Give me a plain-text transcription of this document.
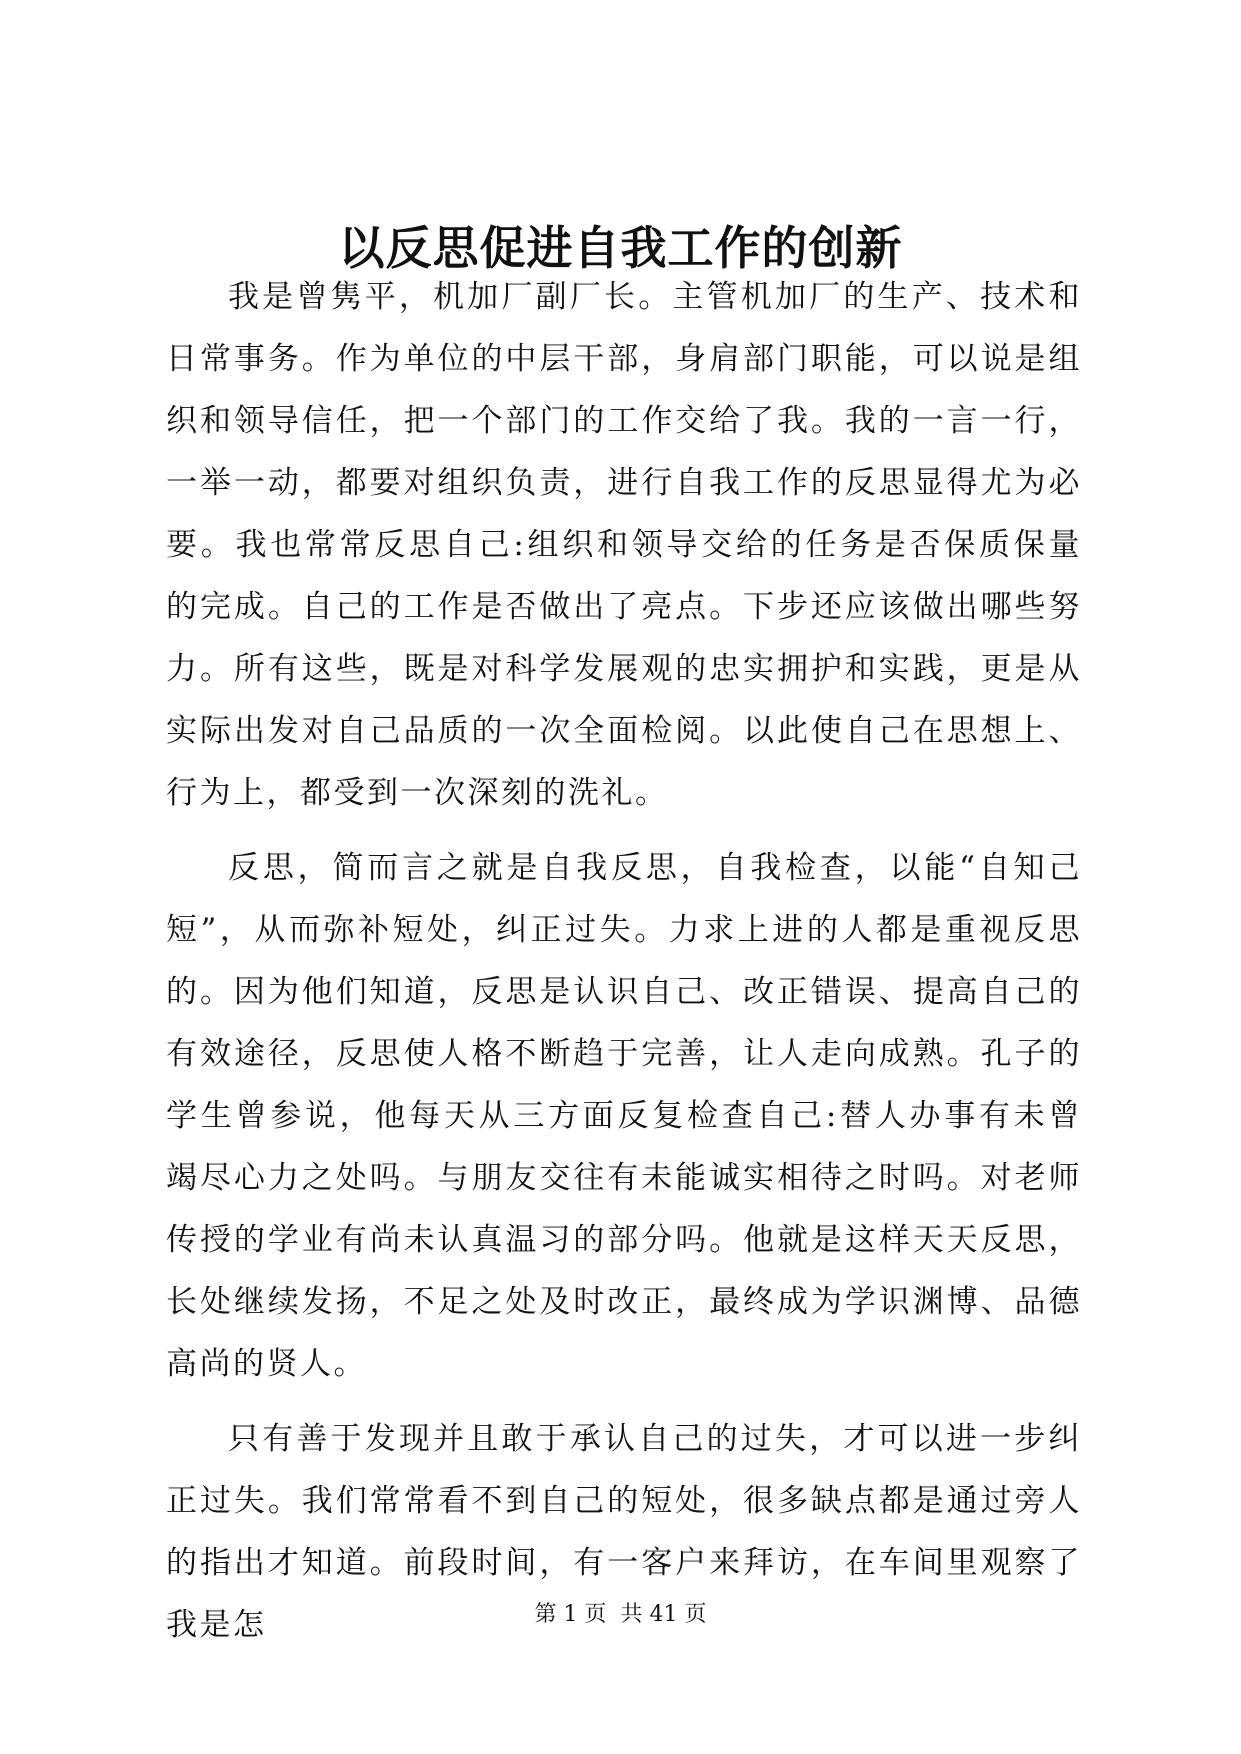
以反思促进自我工作的创新

我是曾隽平，机加厂副厂长。主管机加厂的生产、技术和日常事务。作为单位的中层干部，身肩部门职能，可以说是组织和领导信任，把一个部门的工作交给了我。我的一言一行，一举一动，都要对组织负责，进行自我工作的反思显得尤为必要。我也常常反思自己:组织和领导交给的任务是否保质保量的完成。自己的工作是否做出了亮点。下步还应该做出哪些努力。所有这些，既是对科学发展观的忠实拥护和实践，更是从实际出发对自己品质的一次全面检阅。以此使自己在思想上、行为上，都受到一次深刻的洗礼。

反思，简而言之就是自我反思，自我检查，以能“自知己短”，从而弥补短处，纠正过失。力求上进的人都是重视反思的。因为他们知道，反思是认识自己、改正错误、提高自己的有效途径，反思使人格不断趋于完善，让人走向成熟。孔子的学生曾参说，他每天从三方面反复检查自己:替人办事有未曾竭尽心力之处吗。与朋友交往有未能诚实相待之时吗。对老师传授的学业有尚未认真温习的部分吗。他就是这样天天反思，长处继续发扬，不足之处及时改正，最终成为学识渊博、品德高尚的贤人。

只有善于发现并且敢于承认自己的过失，才可以进一步纠正过失。我们常常看不到自己的短处，很多缺点都是通过旁人的指出才知道。前段时间，有一客户来拜访，在车间里观察了我是怎	第 1 页  共 41 页
